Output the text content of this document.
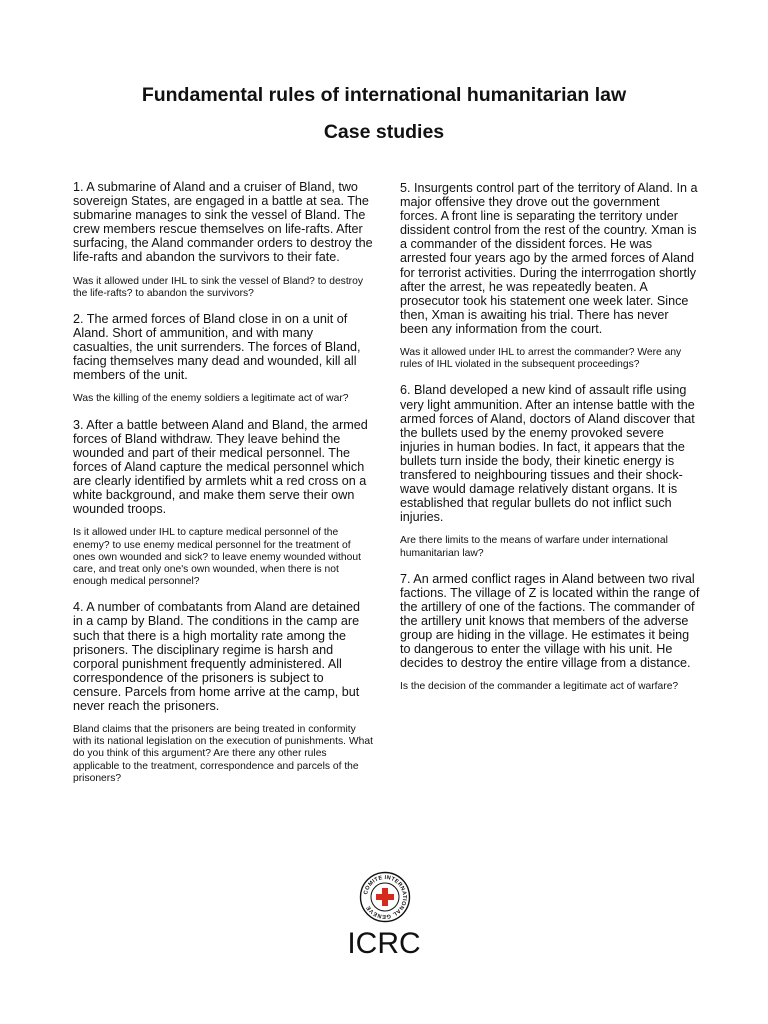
Fundamental rules of international humanitarian law
Case studies

1. A submarine of Aland and a cruiser of Bland, two sovereign States, are engaged in a battle at sea. The submarine manages to sink the vessel of Bland. The crew members rescue themselves on life-rafts. After surfacing, the Aland commander orders to destroy the life-rafts and abandon the survivors to their fate.

Was it allowed under IHL to sink the vessel of Bland? to destroy the life-rafts? to abandon the survivors?

2. The armed forces of Bland close in on a unit of Aland. Short of ammunition, and with many casualties, the unit surrenders. The forces of Bland, facing themselves many dead and wounded, kill all members of the unit.

Was the killing of the enemy soldiers a legitimate act of war?

3. After a battle between Aland and Bland, the armed forces of Bland withdraw. They leave behind the wounded and part of their medical personnel. The forces of Aland capture the medical personnel which are clearly identified by armlets whit a red cross on a white background, and make them serve their own wounded troops.

Is it allowed under IHL to capture medical personnel of the enemy? to use enemy medical personnel for the treatment of ones own wounded and sick? to leave enemy wounded without care, and treat only one's own wounded, when there is not enough medical personnel?

4. A number of combatants from Aland are detained in a camp by Bland. The conditions in the camp are such that there is a high mortality rate among the prisoners. The disciplinary regime is harsh and corporal punishment frequently administered. All correspondence of the prisoners is subject to censure. Parcels from home arrive at the camp, but never reach the prisoners.

Bland claims that the prisoners are being treated in conformity with its national legislation on the execution of punishments. What do you think of this argument? Are there any other rules applicable to the treatment, correspondence and parcels of the prisoners?

5. Insurgents control part of the territory of Aland. In a major offensive they drove out the government forces. A front line is separating the territory under dissident control from the rest of the country. Xman is a commander of the dissident forces. He was arrested four years ago by the armed forces of Aland for terrorist activities. During the interrrogation shortly after the arrest, he was repeatedly beaten. A prosecutor took his statement one week later. Since then, Xman is awaiting his trial. There has never been any information from the court.

Was it allowed under IHL to arrest the commander? Were any rules of IHL violated in the subsequent proceedings?

6. Bland developed a new kind of assault rifle using very light ammunition. After an intense battle with the armed forces of Aland, doctors of Aland discover that the bullets used by the enemy provoked severe injuries in human bodies. In fact, it appears that the bullets turn inside the body, their kinetic energy is transfered to neighbouring tissues and their shock-wave would damage relatively distant organs. It is established that regular bullets do not inflict such injuries.

Are there limits to the means of warfare under international humanitarian law?

7. An armed conflict rages in Aland between two rival factions. The village of Z is located within the range of the artillery of one of the factions. The commander of the artillery unit knows that members of the adverse group are hiding in the village. He estimates it being to dangerous to enter the village with his unit. He decides to destroy the entire village from a distance.

Is the decision of the commander a legitimate act of warfare?

COMITE INTERNATIONAL GENEVE
ICRC
